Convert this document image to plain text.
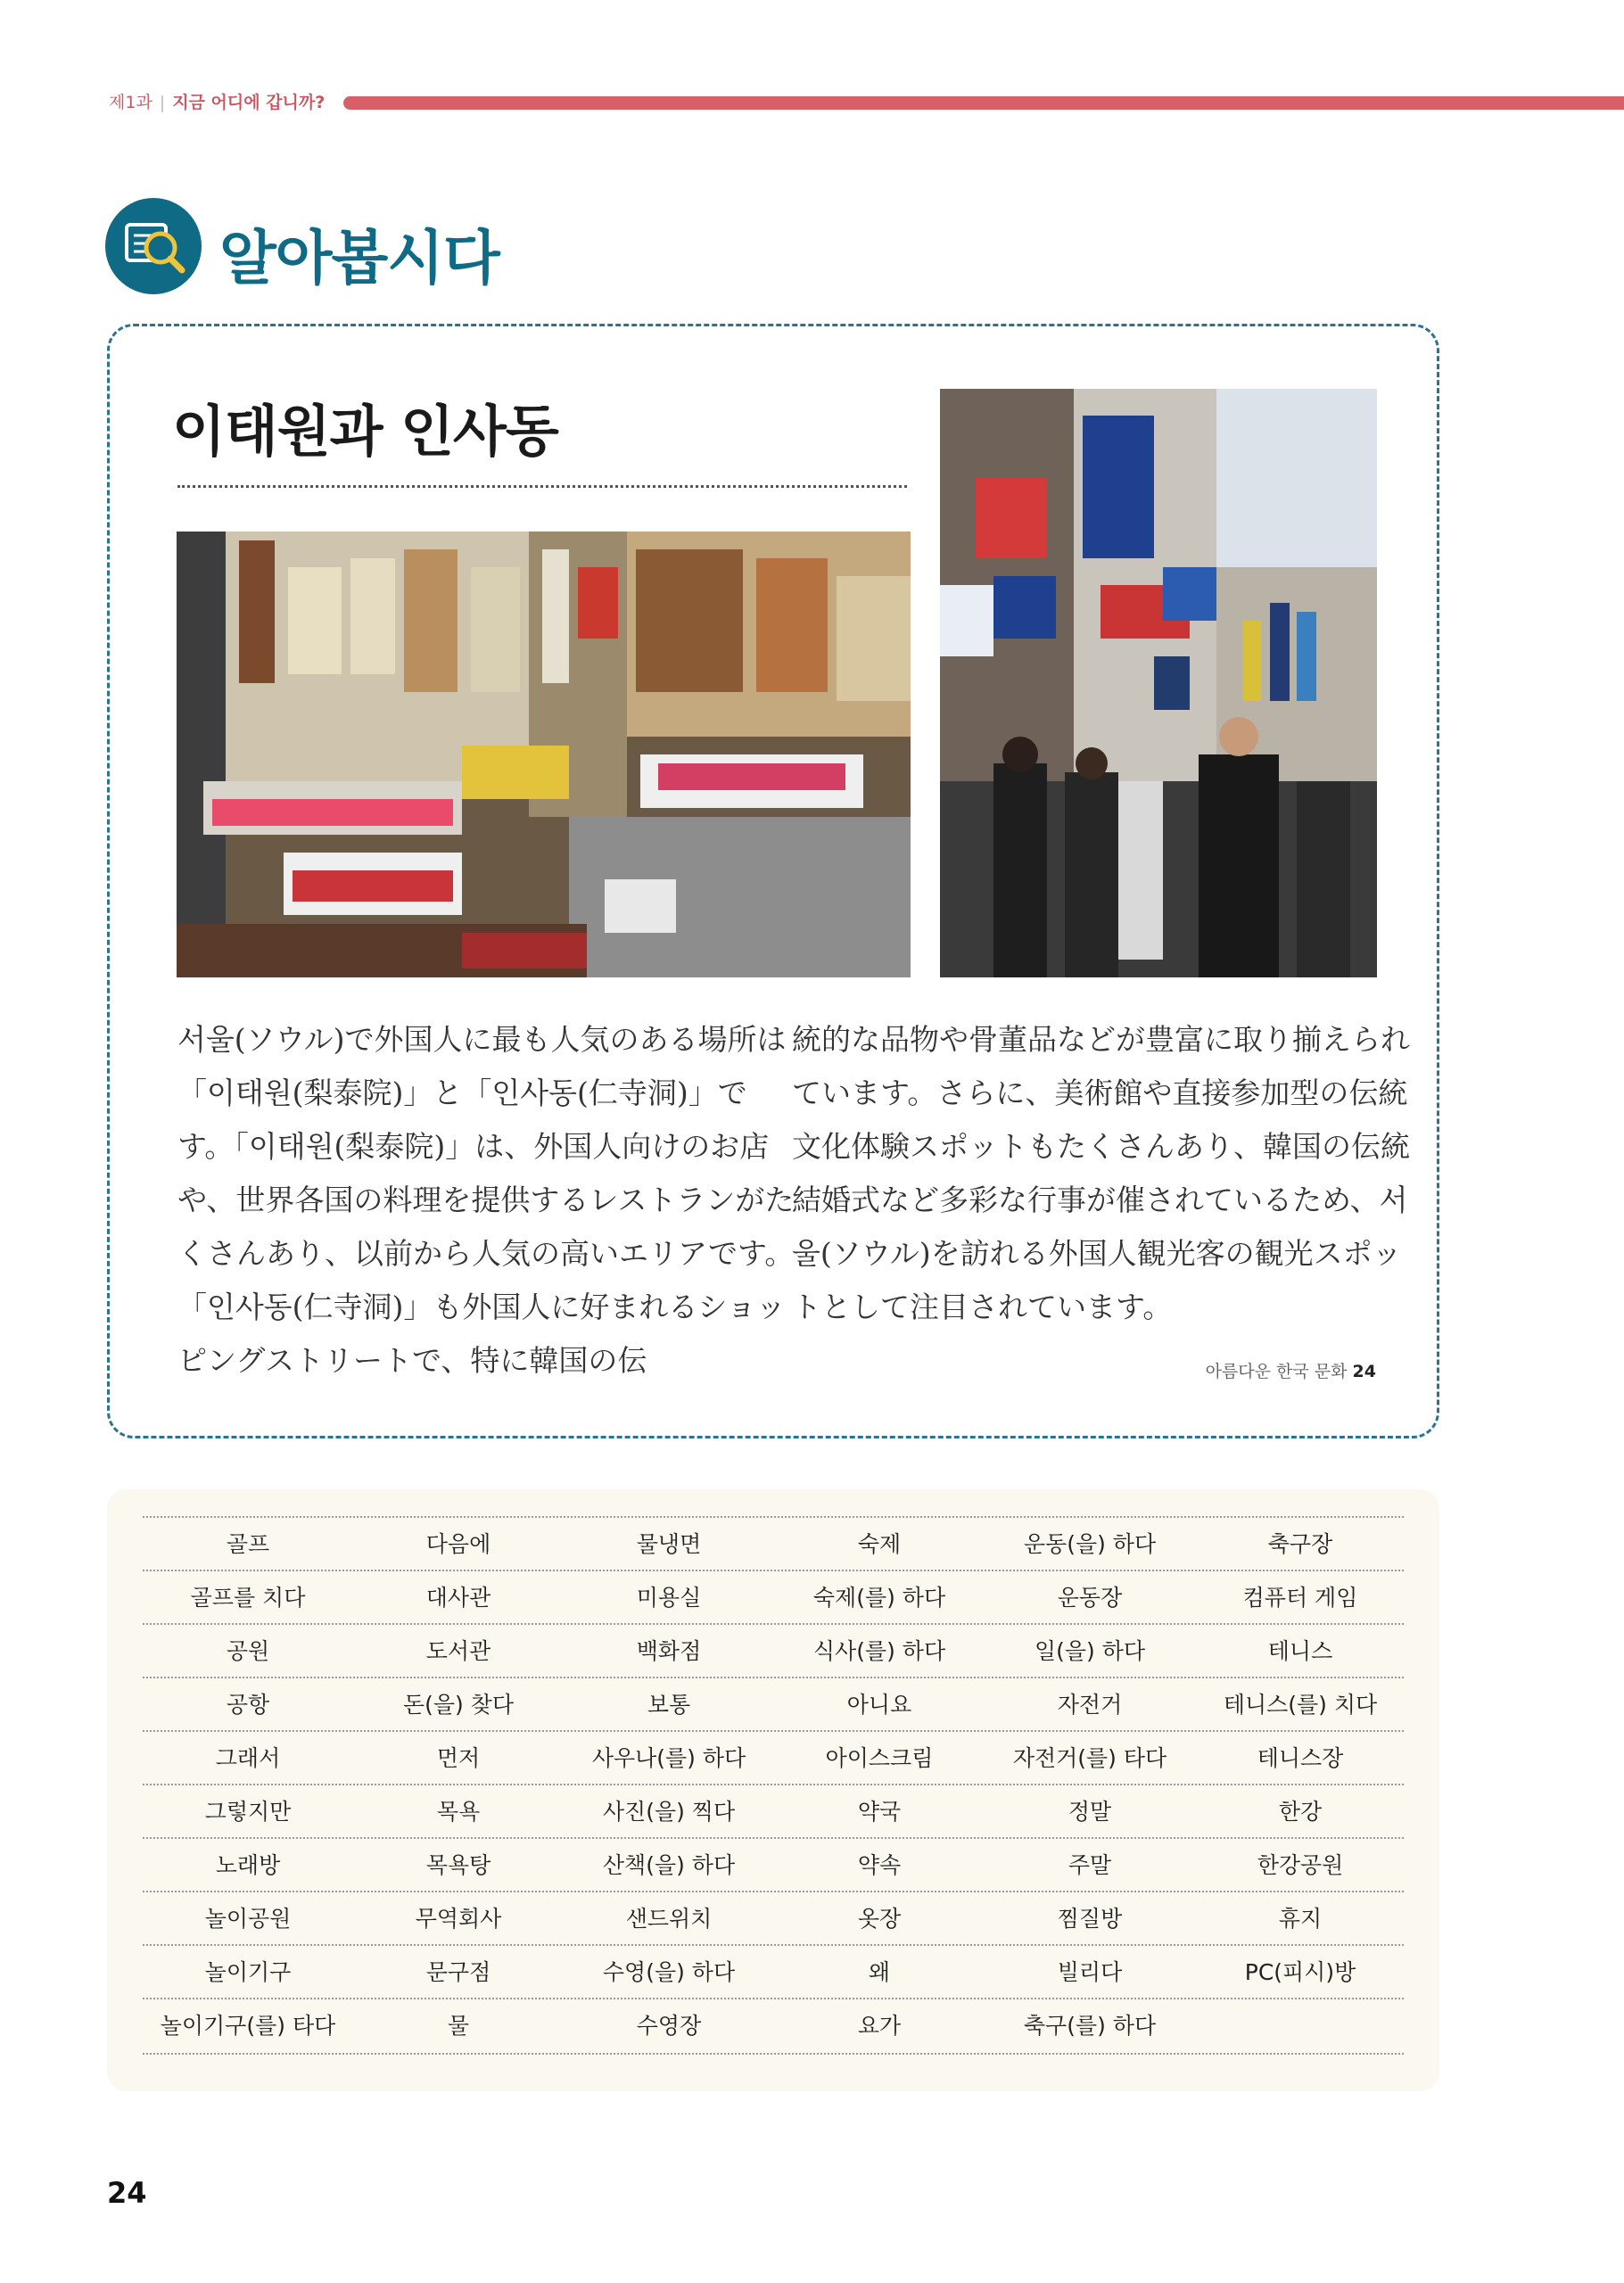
제1과 | 지금 어디에 갑니까?
알아봅시다
이태원과 인사동
서울(ソウル)で外国人に最も人気のある場所は「이태원(梨泰院)」と「인사동(仁寺洞)」です。「이태원(梨泰院)」は、外国人向けのお店や、世界各国の料理を提供するレストランがたくさんあり、以前から人気の高いエリアです。「인사동(仁寺洞)」も外国人に好まれるショッピングストリートで、特に韓国の伝
統的な品物や骨董品などが豊富に取り揃えられています。さらに、美術館や直接参加型の伝統文化体験スポットもたくさんあり、韓国の伝統結婚式など多彩な行事が催されているため、서울(ソウル)を訪れる外国人観光客の観光スポットとして注目されています。
아름다운 한국 문화 24
골프	다음에	물냉면	숙제	운동(을) 하다	축구장
골프를 치다	대사관	미용실	숙제(를) 하다	운동장	컴퓨터 게임
공원	도서관	백화점	식사(를) 하다	일(을) 하다	테니스
공항	돈(을) 찾다	보통	아니요	자전거	테니스(를) 치다
그래서	먼저	사우나(를) 하다	아이스크림	자전거(를) 타다	테니스장
그렇지만	목욕	사진(을) 찍다	약국	정말	한강
노래방	목욕탕	산책(을) 하다	약속	주말	한강공원
놀이공원	무역회사	샌드위치	옷장	찜질방	휴지
놀이기구	문구점	수영(을) 하다	왜	빌리다	PC(피시)방
놀이기구(를) 타다	물	수영장	요가	축구(를) 하다
24
